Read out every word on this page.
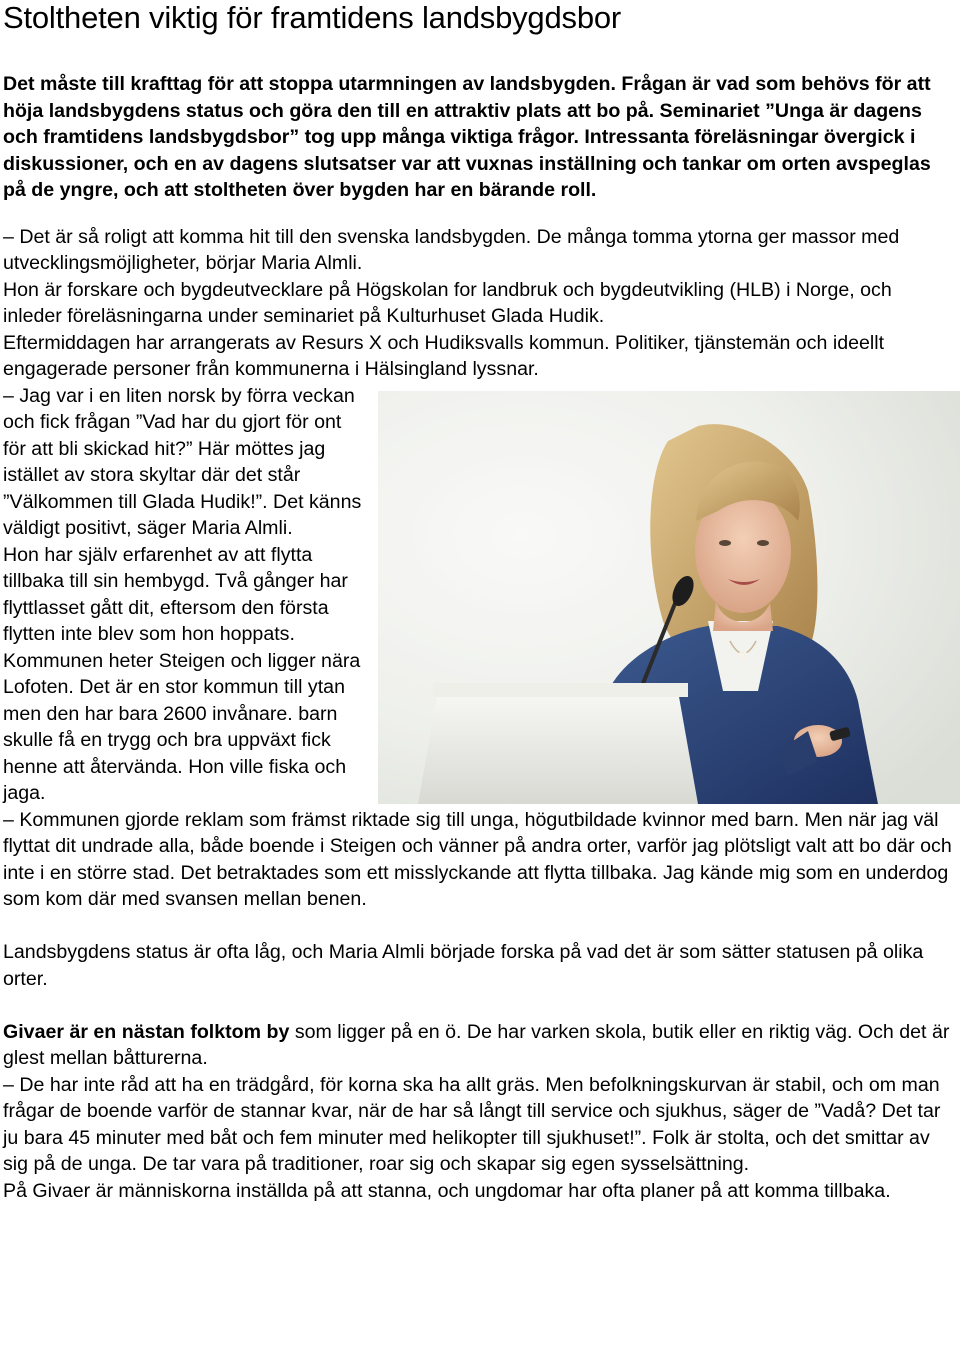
Stoltheten viktig för framtidens landsbygdsbor

Det måste till krafttag för att stoppa utarmningen av landsbygden. Frågan är vad som behövs för att höja landsbygdens status och göra den till en attraktiv plats att bo på. Seminariet ”Unga är dagens och framtidens landsbygdsbor” tog upp många viktiga frågor. Intressanta föreläsningar övergick i diskussioner, och en av dagens slutsatser var att vuxnas inställning och tankar om orten avspeglas på de yngre, och att stoltheten över bygden har en bärande roll.

– Det är så roligt att komma hit till den svenska landsbygden. De många tomma ytorna ger massor med utvecklingsmöjligheter, börjar Maria Almli.

Hon är forskare och bygdeutvecklare på Högskolan for landbruk och bygdeutvikling (HLB) i Norge, och inleder föreläsningarna under seminariet på Kulturhuset Glada Hudik.

Eftermiddagen har arrangerats av Resurs X och Hudiksvalls kommun. Politiker, tjänstemän och ideellt engagerade personer från kommunerna i Hälsingland lyssnar.

– Jag var i en liten norsk by förra veckan och fick frågan ”Vad har du gjort för ont för att bli skickad hit?” Här möttes jag istället av stora skyltar där det står ”Välkommen till Glada Hudik!”. Det känns väldigt positivt, säger Maria Almli.

Hon har själv erfarenhet av att flytta tillbaka till sin hembygd. Två gånger har flyttlasset gått dit, eftersom den första flytten inte blev som hon hoppats.

Kommunen heter Steigen och ligger nära Lofoten. Det är en stor kommun till ytan men den har bara 2600 invånare. barn skulle få en trygg och bra uppväxt fick henne att återvända. Hon ville fiska och jaga.

– Kommunen gjorde reklam som främst riktade sig till unga, högutbildade kvinnor med barn. Men när jag väl flyttat dit undrade alla, både boende i Steigen och vänner på andra orter, varför jag plötsligt valt att bo där och inte i en större stad. Det betraktades som ett misslyckande att flytta tillbaka. Jag kände mig som en underdog som kom där med svansen mellan benen.

Landsbygdens status är ofta låg, och Maria Almli började forska på vad det är som sätter statusen på olika orter.

Givaer är en nästan folktom by som ligger på en ö. De har varken skola, butik eller en riktig väg. Och det är glest mellan båtturerna.

– De har inte råd att ha en trädgård, för korna ska ha allt gräs. Men befolkningskurvan är stabil, och om man frågar de boende varför de stannar kvar, när de har så långt till service och sjukhus, säger de ”Vadå? Det tar ju bara 45 minuter med båt och fem minuter med helikopter till sjukhuset!”. Folk är stolta, och det smittar av sig på de unga. De tar vara på traditioner, roar sig och skapar sig egen sysselsättning.

På Givaer är människorna inställda på att stanna, och ungdomar har ofta planer på att komma tillbaka.
